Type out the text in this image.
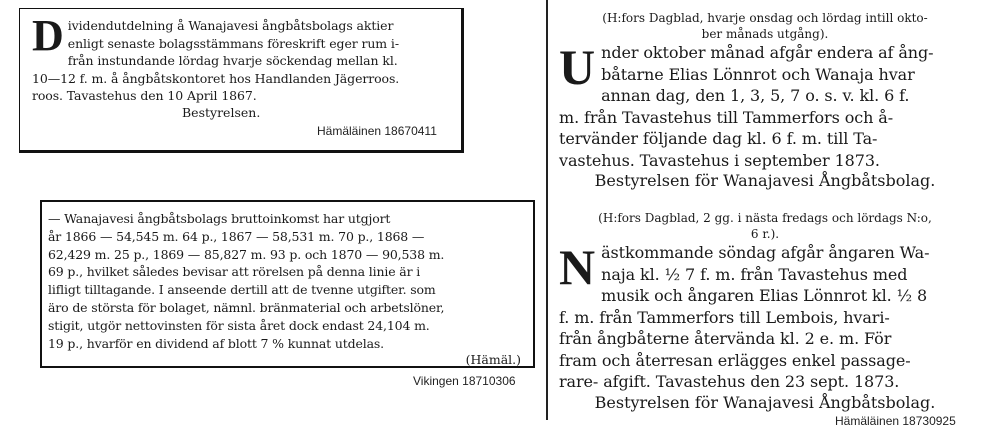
D ividendutdelning å Wanajavesi ångbåtsbolags aktier

enligt senaste bolagsstämmans föreskrift eger rum i-

från instundande lördag hvarje söckendag mellan kl.

10—12 f. m. å ångbåtskontoret hos Handlanden Jägerroos.

roos. Tavastehus den 10 April 1867.

Bestyrelsen.

Hämäläinen 18670411

— Wanajavesi ångbåtsbolags bruttoinkomst har utgjort

år 1866 — 54,545 m. 64 p., 1867 — 58,531 m. 70 p., 1868 —

62,429 m. 25 p., 1869 — 85,827 m. 93 p. och 1870 — 90,538 m.

69 p., hvilket således bevisar att rörelsen på denna linie är i

lifligt tilltagande. I anseende dertill att de tvenne utgifter. som

äro de största för bolaget, nämnl. bränmaterial och arbetslöner,

stigit, utgör nettovinsten för sista året dock endast 24,104 m.

19 p., hvarför en dividend af blott 7 % kunnat utdelas.

(Hämäl.)

Vikingen 18710306

(H:fors Dagblad, hvarje onsdag och lördag intill okto-

ber månads utgång).

U nder oktober månad afgår endera af ång-

båtarne Elias Lönnrot och Wanaja hvar

annan dag, den 1, 3, 5, 7 o. s. v. kl. 6 f.

m. från Tavastehus till Tammerfors och å-

tervänder följande dag kl. 6 f. m. till Ta-

vastehus. Tavastehus i september 1873.

Bestyrelsen för Wanajavesi Ångbåtsbolag.

(H:fors Dagblad, 2 gg. i nästa fredags och lördags N:o,

6 r.).

N ästkommande söndag afgår ångaren Wa-

naja kl. ½ 7 f. m. från Tavastehus med

musik och ångaren Elias Lönnrot kl. ½ 8

f. m. från Tammerfors till Lembois, hvari-

från ångbåterne återvända kl. 2 e. m. För

fram och återresan erlägges enkel passage-

rare- afgift. Tavastehus den 23 sept. 1873.

Bestyrelsen för Wanajavesi Ångbåtsbolag.

Hämäläinen 18730925
